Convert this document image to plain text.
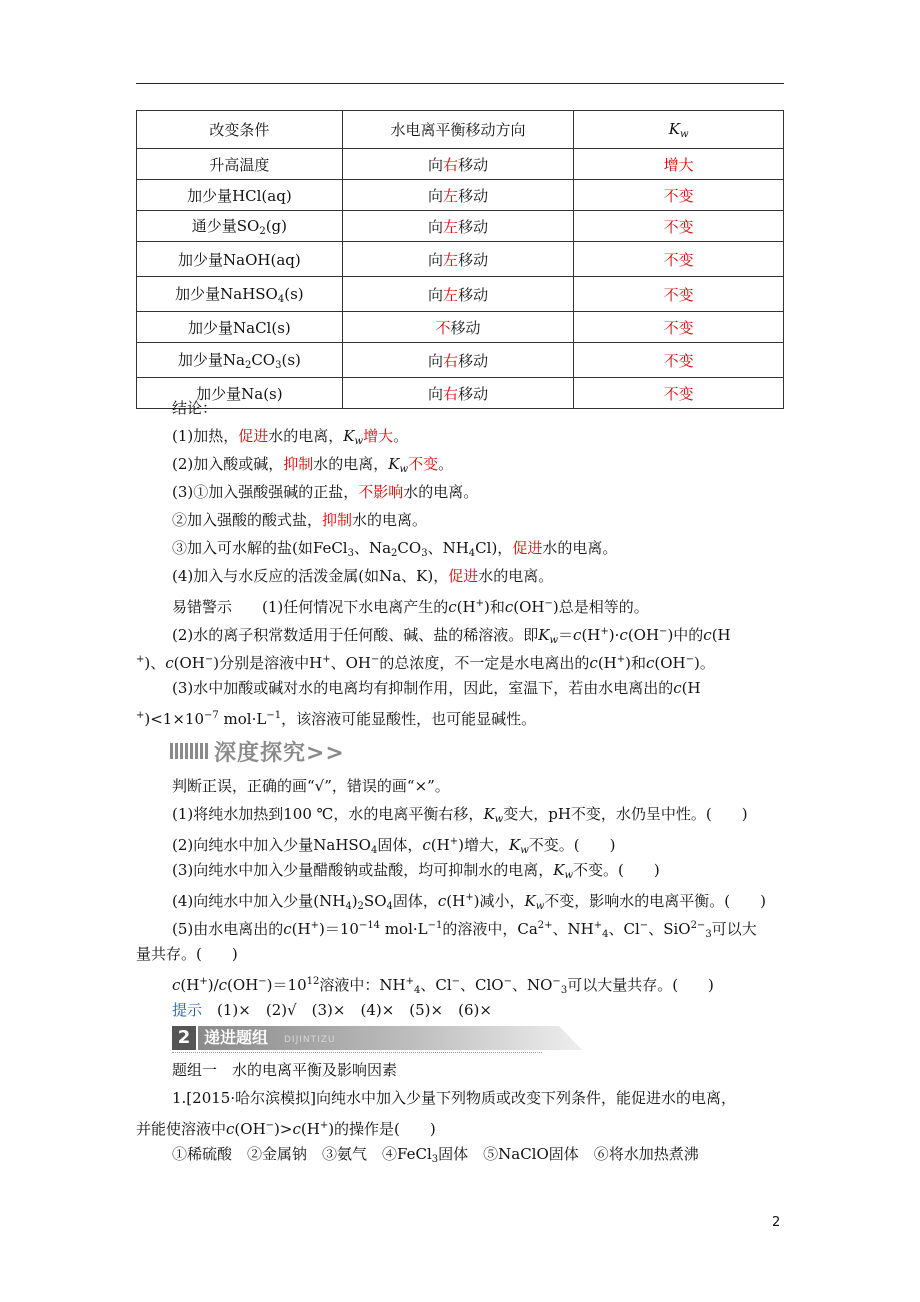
改变条件	水电离平衡移动方向	$K_w$
升高温度	向右移动	增大
加少量HCl(aq)	向左移动	不变
通少量$SO_2(g)$	向左移动	不变
加少量NaOH(aq)	向左移动	不变
加少量NaHSO$_4$(s)	向左移动	不变
加少量NaCl(s)	不移动	不变
加少量$Na_2CO_3(s)$	向右移动	不变
加少量Na(s)	向右移动	不变
结论：
(1)加热，促进水的电离，$K_w$增大。
(2)加入酸或碱，抑制水的电离，$K_w$不变。
(3)①加入强酸强碱的正盐，不影响水的电离。
②加入强酸的酸式盐，抑制水的电离。
③加入可水解的盐(如FeCl$_3$、$Na_2CO_3$、$NH_4Cl$)，促进水的电离。
(4)加入与水反应的活泼金属(如Na、K)，促进水的电离。
易错警示 (1)任何情况下水电离产生的c(H+)和c(OH−)总是相等的。
(2)水的离子积常数适用于任何酸、碱、盐的稀溶液。即$K_w=c(H^+)\cdot c(OH^-)$中的c(H
+)、c(OH−)分别是溶液中H+、OH−的总浓度，不一定是水电离出的c(H+)和c(OH−)。
(3)水中加酸或碱对水的电离均有抑制作用，因此，室温下，若由水电离出的c(H
$^+)<1\times 10^{-7}$ $mol\cdot L^{-1}$，该溶液可能显酸性，也可能显碱性。
深度探究>>
判断正误，正确的画“√”，错误的画“×”。
(1)将纯水加热到100 ℃，水的电离平衡右移，$K_w$变大，pH不变，水仍呈中性。(　　)
(2)向纯水中加入少量NaHSO$_4$固体，c(H+)增大，$K_w$不变。(　　)
(3)向纯水中加入少量醋酸钠或盐酸，均可抑制水的电离，$K_w$不变。(　　)
(4)向纯水中加入少量$(NH_4)_2SO_4$固体，c(H+)减小，$K_w$不变，影响水的电离平衡。(　　)
(5)由水电离出的$c(H^+)=10^{-14}$ $mol\cdot L^{-1}$的溶液中，$Ca^{2+}$、$NH^+_4$、Cl−、SiO$^{2-}_3$可以大
量共存。(　　)
$c(H^+)/c(OH^-)=10^{12}$溶液中：$NH^+_4$、Cl−、ClO−、$NO^-_3$可以大量共存。(　　)
提示　 (1)×　(2)√　(3)×　(4)×　(5)×　(6)×
2 递进题组 DIJINTIZU
题组一　水的电离平衡及影响因素
1.[2015·哈尔滨模拟]向纯水中加入少量下列物质或改变下列条件，能促进水的电离，
并能使溶液中c(OH−)>c(H+)的操作是(　　)
①稀硫酸　②金属钠　③氨气　④FeCl$_3$固体　⑤NaClO固体　⑥将水加热煮沸
2
